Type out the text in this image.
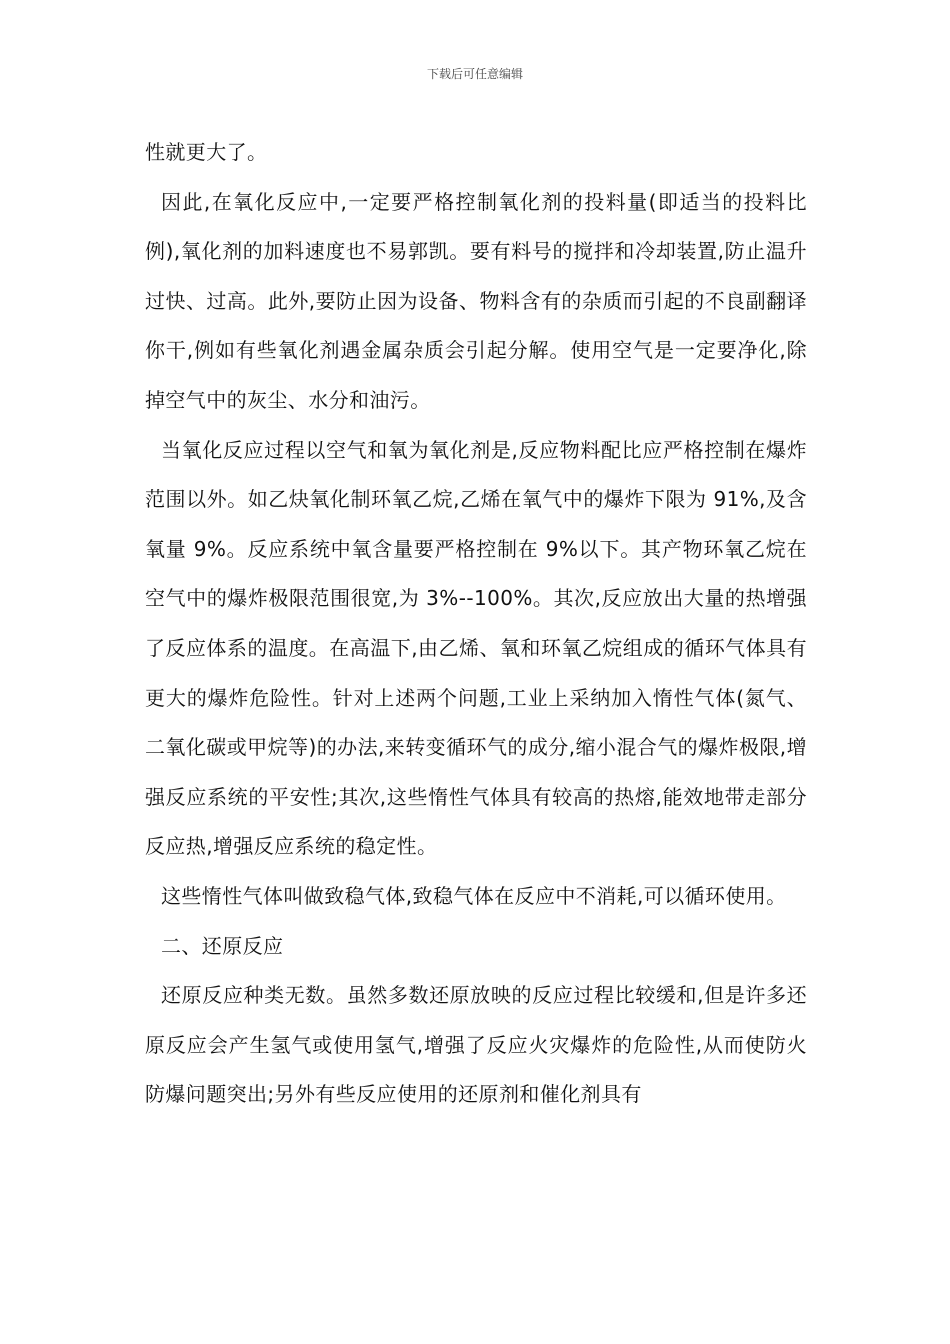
下载后可任意编辑

性就更大了。

因此,在氧化反应中,一定要严格控制氧化剂的投料量(即适当的投料比例),氧化剂的加料速度也不易郭凯。要有料号的搅拌和冷却装置,防止温升过快、过高。此外,要防止因为设备、物料含有的杂质而引起的不良副翻译你干,例如有些氧化剂遇金属杂质会引起分解。使用空气是一定要净化,除掉空气中的灰尘、水分和油污。

当氧化反应过程以空气和氧为氧化剂是,反应物料配比应严格控制在爆炸范围以外。如乙炔氧化制环氧乙烷,乙烯在氧气中的爆炸下限为 91%,及含氧量 9%。反应系统中氧含量要严格控制在 9%以下。其产物环氧乙烷在空气中的爆炸极限范围很宽,为 3%--100%。其次,反应放出大量的热增强了反应体系的温度。在高温下,由乙烯、氧和环氧乙烷组成的循环气体具有更大的爆炸危险性。针对上述两个问题,工业上采纳加入惰性气体(氮气、二氧化碳或甲烷等)的办法,来转变循环气的成分,缩小混合气的爆炸极限,增强反应系统的平安性;其次,这些惰性气体具有较高的热熔,能效地带走部分反应热,增强反应系统的稳定性。

这些惰性气体叫做致稳气体,致稳气体在反应中不消耗,可以循环使用。

二、还原反应

还原反应种类无数。虽然多数还原放映的反应过程比较缓和,但是许多还原反应会产生氢气或使用氢气,增强了反应火灾爆炸的危险性,从而使防火防爆问题突出;另外有些反应使用的还原剂和催化剂具有
